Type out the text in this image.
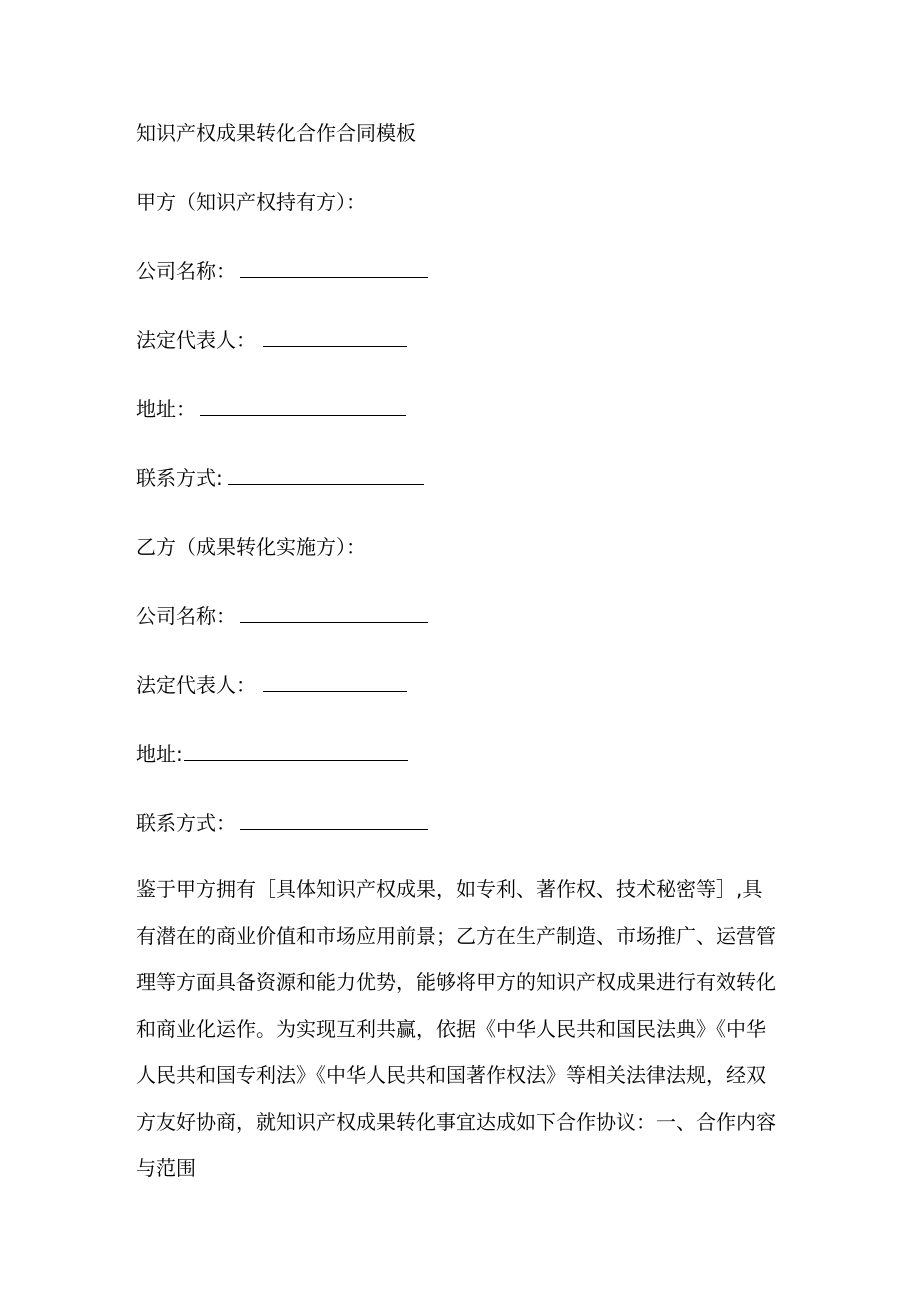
知识产权成果转化合作合同模板
甲方（知识产权持有方）：
公司名称：
法定代表人：
地址：
联系方式:
乙方（成果转化实施方）：
公司名称：
法定代表人：
地址:
联系方式：
鉴于甲方拥有［具体知识产权成果，如专利、著作权、技术秘密等］,具
有潜在的商业价值和市场应用前景；乙方在生产制造、市场推广、运营管
理等方面具备资源和能力优势，能够将甲方的知识产权成果进行有效转化
和商业化运作。为实现互利共赢，依据《中华人民共和国民法典》《中华
人民共和国专利法》《中华人民共和国著作权法》等相关法律法规，经双
方友好协商，就知识产权成果转化事宜达成如下合作协议：一、合作内容
与范围
